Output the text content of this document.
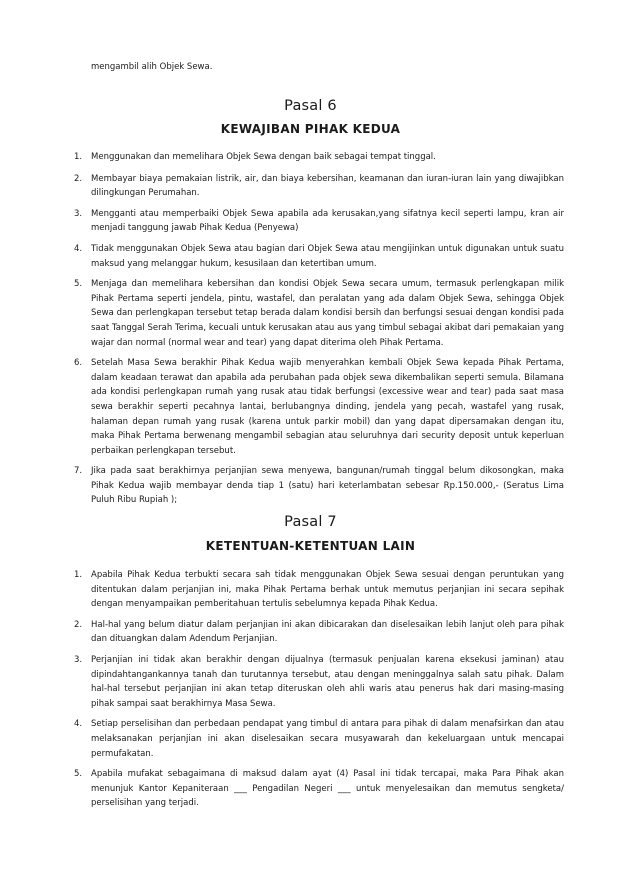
mengambil alih Objek Sewa.
Pasal 6
KEWAJIBAN PIHAK KEDUA
1. Menggunakan dan memelihara Objek Sewa dengan baik sebagai tempat tinggal.
2. Membayar biaya pemakaian listrik, air, dan biaya kebersihan, keamanan dan iuran-iuran lain yang diwajibkan dilingkungan Perumahan.
3. Mengganti atau memperbaiki Objek Sewa apabila ada kerusakan,yang sifatnya kecil seperti lampu, kran air menjadi tanggung jawab Pihak Kedua (Penyewa)
4. Tidak menggunakan Objek Sewa atau bagian dari Objek Sewa atau mengijinkan untuk digunakan untuk suatu maksud yang melanggar hukum, kesusilaan dan ketertiban umum.
5. Menjaga dan memelihara kebersihan dan kondisi Objek Sewa secara umum, termasuk perlengkapan milik Pihak Pertama seperti jendela, pintu, wastafel, dan peralatan yang ada dalam Objek Sewa, sehingga Objek Sewa dan perlengkapan tersebut tetap berada dalam kondisi bersih dan berfungsi sesuai dengan kondisi pada saat Tanggal Serah Terima, kecuali untuk kerusakan atau aus yang timbul sebagai akibat dari pemakaian yang wajar dan normal (normal wear and tear) yang dapat diterima oleh Pihak Pertama.
6. Setelah Masa Sewa berakhir Pihak Kedua wajib menyerahkan kembali Objek Sewa kepada Pihak Pertama, dalam keadaan terawat dan apabila ada perubahan pada objek sewa dikembalikan seperti semula. Bilamana ada kondisi perlengkapan rumah yang rusak atau tidak berfungsi (excessive wear and tear) pada saat masa sewa berakhir seperti pecahnya lantai, berlubangnya dinding, jendela yang pecah, wastafel yang rusak, halaman depan rumah yang rusak (karena untuk parkir mobil) dan yang dapat dipersamakan dengan itu, maka Pihak Pertama berwenang mengambil sebagian atau seluruhnya dari security deposit untuk keperluan perbaikan perlengkapan tersebut.
7. Jika pada saat berakhirnya perjanjian sewa menyewa, bangunan/rumah tinggal belum dikosongkan, maka Pihak Kedua wajib membayar denda tiap 1 (satu) hari keterlambatan sebesar Rp.150.000,- (Seratus Lima Puluh Ribu Rupiah );
Pasal 7
KETENTUAN-KETENTUAN LAIN
1. Apabila Pihak Kedua terbukti secara sah tidak menggunakan Objek Sewa sesuai dengan peruntukan yang ditentukan dalam perjanjian ini, maka Pihak Pertama berhak untuk memutus perjanjian ini secara sepihak dengan menyampaikan pemberitahuan tertulis sebelumnya kepada Pihak Kedua.
2. Hal-hal yang belum diatur dalam perjanjian ini akan dibicarakan dan diselesaikan lebih lanjut oleh para pihak dan dituangkan dalam Adendum Perjanjian.
3. Perjanjian ini tidak akan berakhir dengan dijualnya (termasuk penjualan karena eksekusi jaminan) atau dipindahtangankannya tanah dan turutannya tersebut, atau dengan meninggalnya salah satu pihak. Dalam hal-hal tersebut perjanjian ini akan tetap diteruskan oleh ahli waris atau penerus hak dari masing-masing pihak sampai saat berakhirnya Masa Sewa.
4. Setiap perselisihan dan perbedaan pendapat yang timbul di antara para pihak di dalam menafsirkan dan atau melaksanakan perjanjian ini akan diselesaikan secara musyawarah dan kekeluargaan untuk mencapai permufakatan.
5. Apabila mufakat sebagaimana di maksud dalam ayat (4) Pasal ini tidak tercapai, maka Para Pihak akan menunjuk Kantor Kepaniteraan ___ Pengadilan Negeri ___ untuk menyelesaikan dan memutus sengketa/ perselisihan yang terjadi.
